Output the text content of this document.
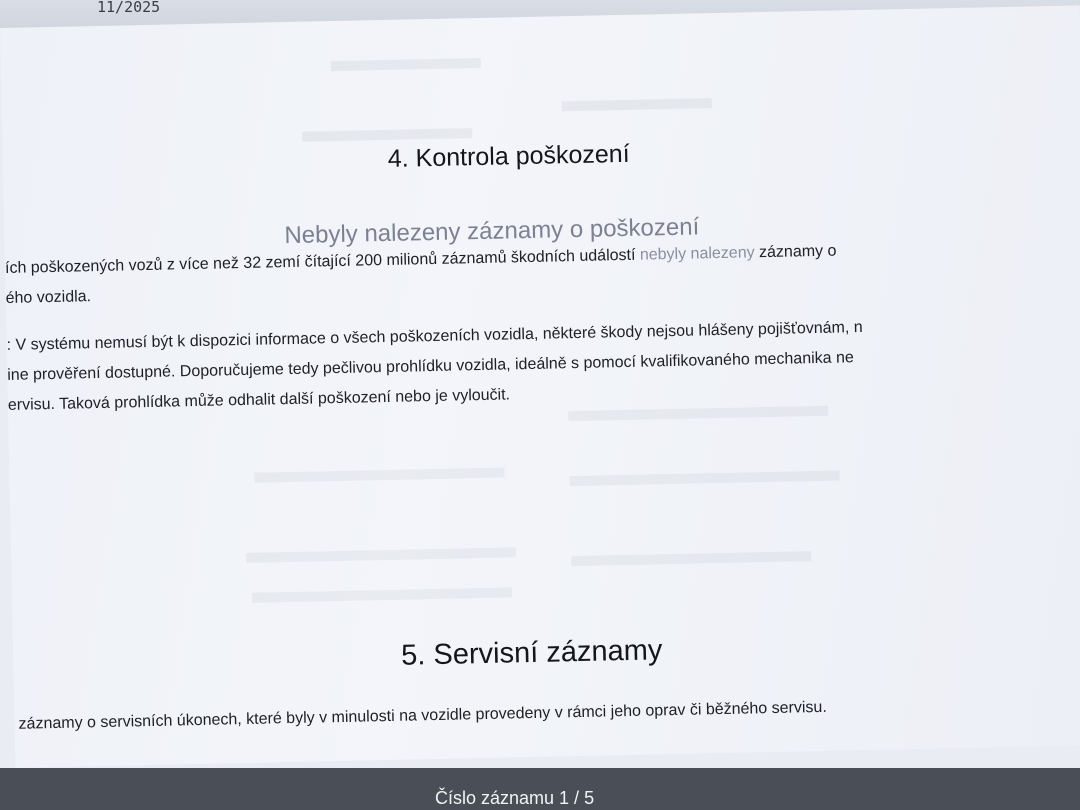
11/2025
4. Kontrola poškození
Nebyly nalezeny záznamy o poškození
ích poškozených vozů z více než 32 zemí čítající 200 milionů záznamů škodních událostí nebyly nalezeny záznamy o
ého vozidla.
: V systému nemusí být k dispozici informace o všech poškozeních vozidla, některé škody nejsou hlášeny pojišťovnám, n
ine prověření dostupné. Doporučujeme tedy pečlivou prohlídku vozidla, ideálně s pomocí kvalifikovaného mechanika ne
ervisu. Taková prohlídka může odhalit další poškození nebo je vyloučit.
5. Servisní záznamy
záznamy o servisních úkonech, které byly v minulosti na vozidle provedeny v rámci jeho oprav či běžného servisu.
Číslo záznamu 1 / 5
